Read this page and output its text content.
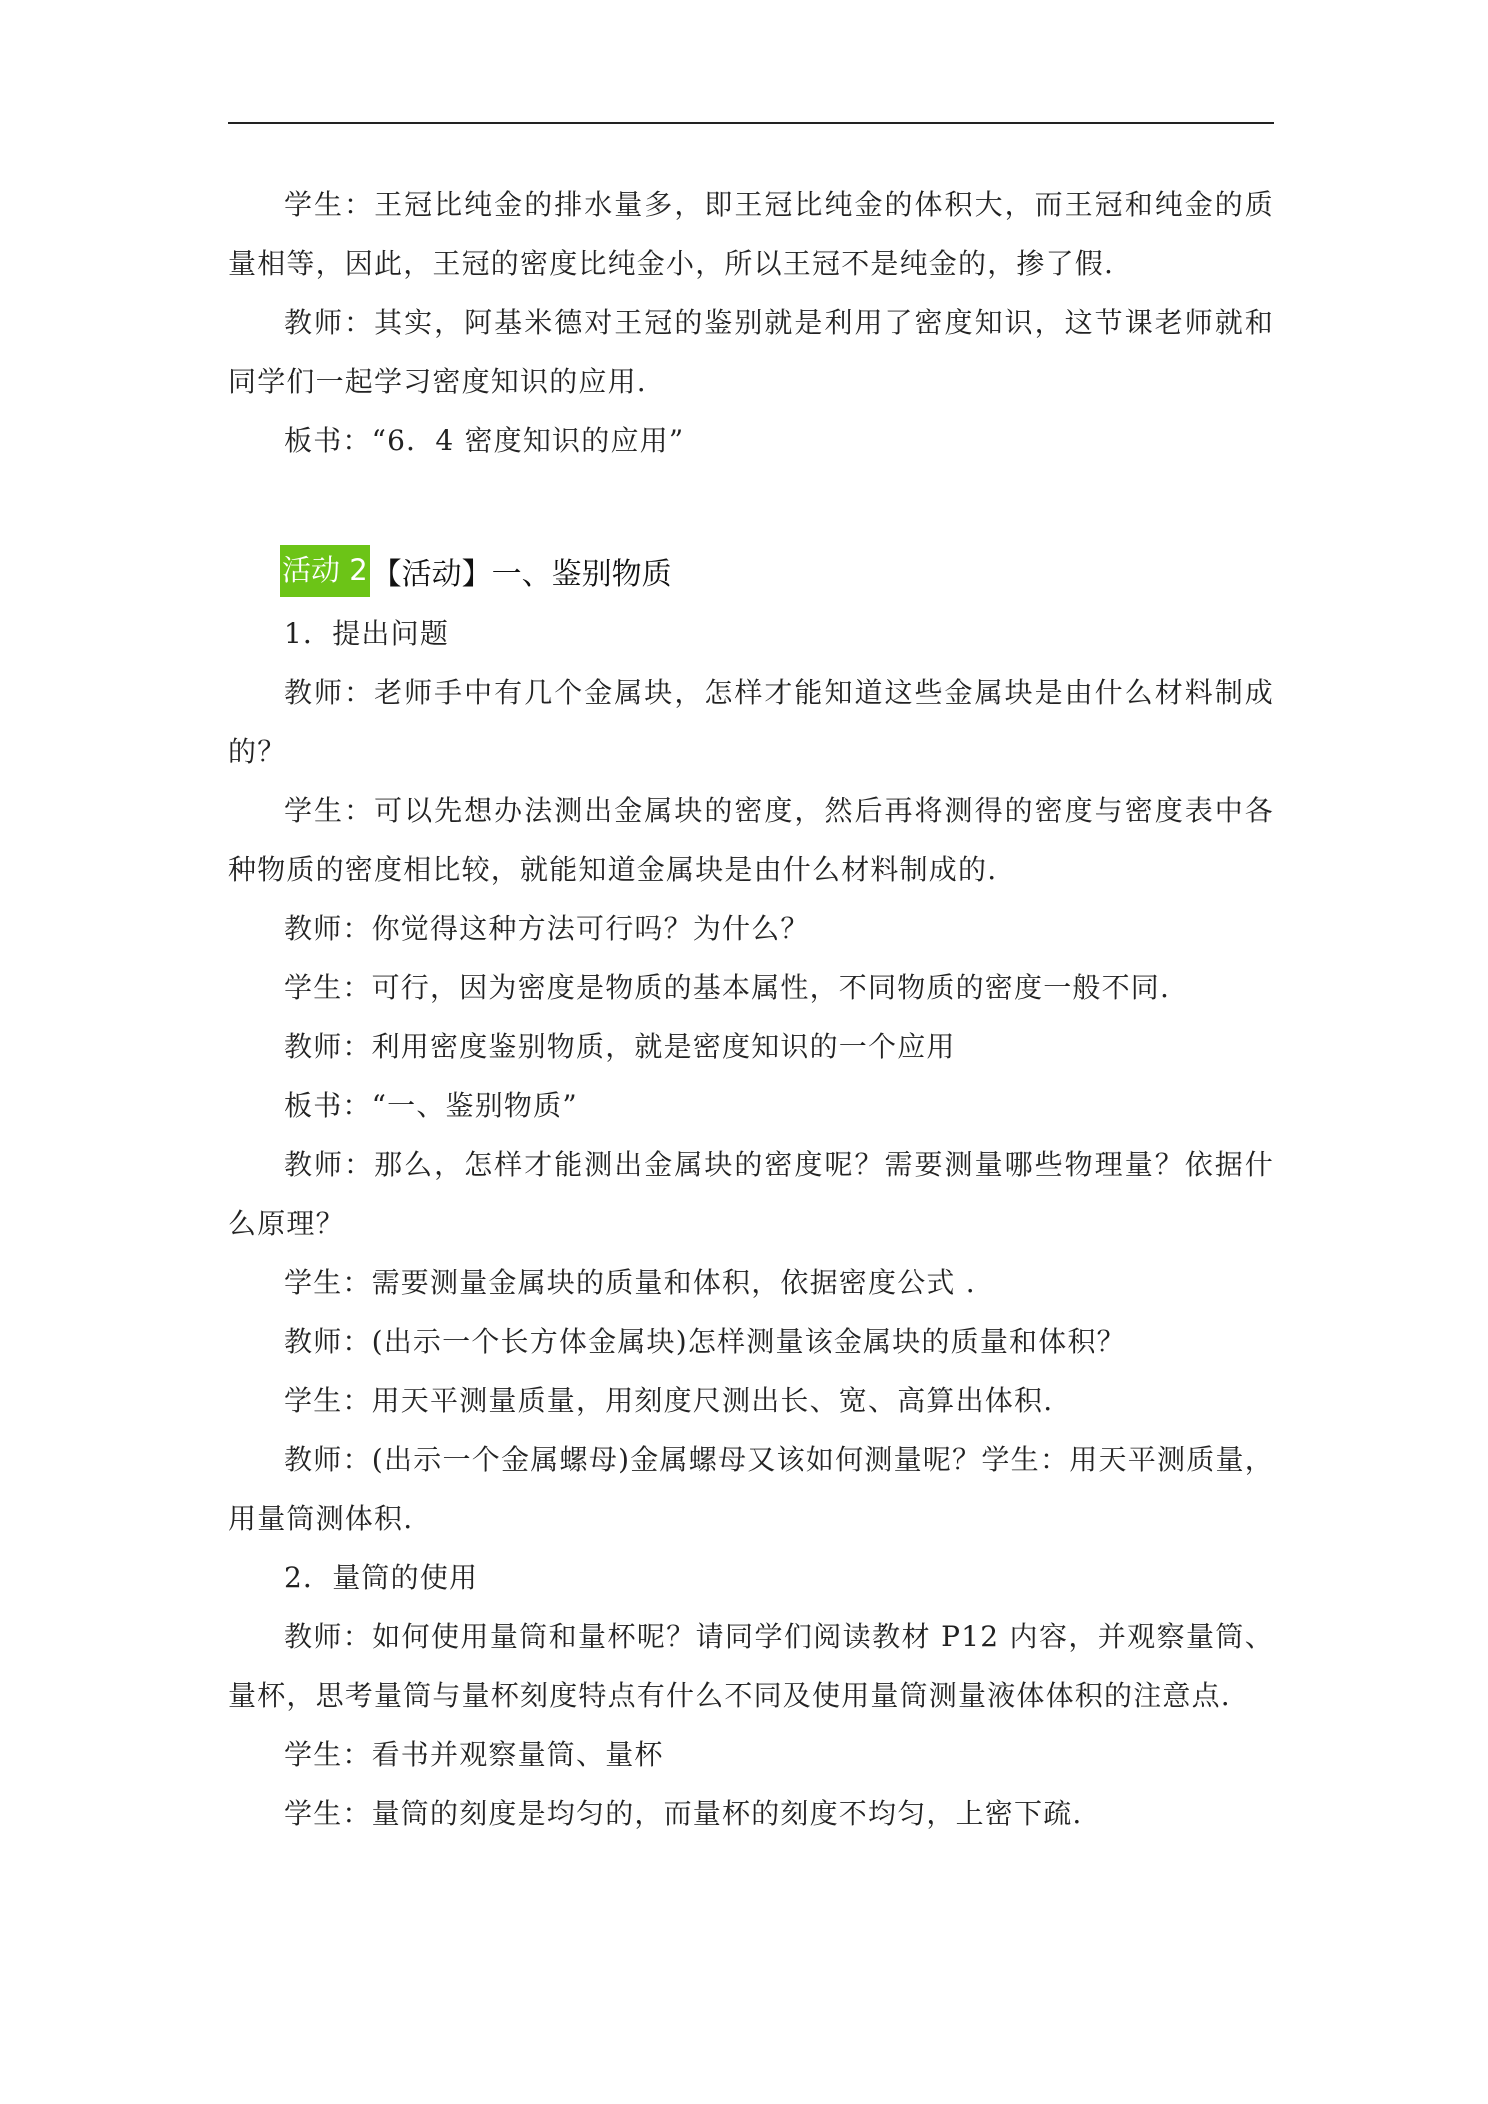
学生：王冠比纯金的排水量多，即王冠比纯金的体积大，而王冠和纯金的质量相等，因此，王冠的密度比纯金小，所以王冠不是纯金的，掺了假.

教师：其实，阿基米德对王冠的鉴别就是利用了密度知识，这节课老师就和同学们一起学习密度知识的应用.

板书：“6．4 密度知识的应用”

活动 2 【活动】一、鉴别物质

1．提出问题

教师：老师手中有几个金属块，怎样才能知道这些金属块是由什么材料制成的？

学生：可以先想办法测出金属块的密度，然后再将测得的密度与密度表中各种物质的密度相比较，就能知道金属块是由什么材料制成的.

教师：你觉得这种方法可行吗？为什么？

学生：可行，因为密度是物质的基本属性，不同物质的密度一般不同.

教师：利用密度鉴别物质，就是密度知识的一个应用

板书：“一、鉴别物质”

教师：那么，怎样才能测出金属块的密度呢？需要测量哪些物理量？依据什么原理？

学生：需要测量金属块的质量和体积，依据密度公式 .

教师：(出示一个长方体金属块)怎样测量该金属块的质量和体积？

学生：用天平测量质量，用刻度尺测出长、宽、高算出体积.

教师：(出示一个金属螺母)金属螺母又该如何测量呢？学生：用天平测质量，用量筒测体积.

2．量筒的使用

教师：如何使用量筒和量杯呢？请同学们阅读教材 P12 内容，并观察量筒、量杯，思考量筒与量杯刻度特点有什么不同及使用量筒测量液体体积的注意点.

学生：看书并观察量筒、量杯

学生：量筒的刻度是均匀的，而量杯的刻度不均匀，上密下疏.
